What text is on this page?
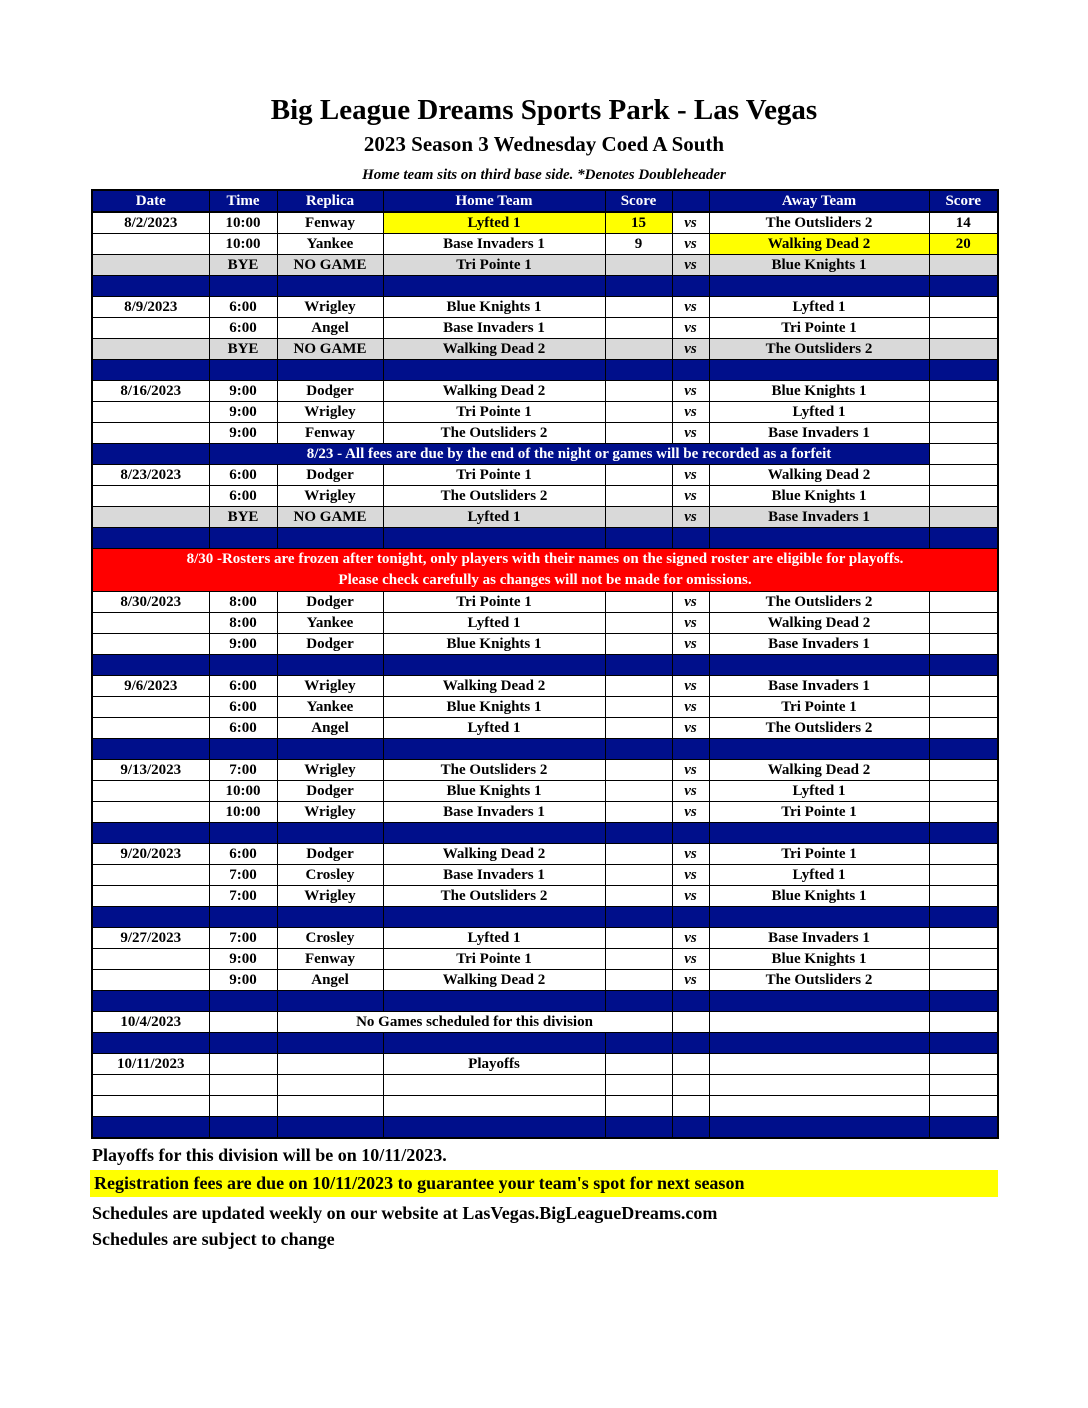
Big League Dreams Sports Park - Las Vegas
2023 Season 3 Wednesday Coed A South
Home team sits on third base side. *Denotes Doubleheader
Date	Time	Replica	Home Team	Score		Away Team	Score
8/2/2023	10:00	Fenway	Lyfted 1	15	vs	The Outsliders 2	14
	10:00	Yankee	Base Invaders 1	9	vs	Walking Dead 2	20
	BYE	NO GAME	Tri Pointe 1		vs	Blue Knights 1	

8/9/2023	6:00	Wrigley	Blue Knights 1		vs	Lyfted 1	
	6:00	Angel	Base Invaders 1		vs	Tri Pointe 1	
	BYE	NO GAME	Walking Dead 2		vs	The Outsliders 2	

8/16/2023	9:00	Dodger	Walking Dead 2		vs	Blue Knights 1	
	9:00	Wrigley	Tri Pointe 1		vs	Lyfted 1	
	9:00	Fenway	The Outsliders 2		vs	Base Invaders 1	
	8/23 - All fees are due by the end of the night or games will be recorded as a forfeit						
8/23/2023	6:00	Dodger	Tri Pointe 1		vs	Walking Dead 2	
	6:00	Wrigley	The Outsliders 2		vs	Blue Knights 1	
	BYE	NO GAME	Lyfted 1		vs	Base Invaders 1	

8/30 -Rosters are frozen after tonight, only players with their names on the signed roster are eligible for playoffs.
Please check carefully as changes will not be made for omissions.							

8/30/2023	8:00	Dodger	Tri Pointe 1		vs	The Outsliders 2	
	8:00	Yankee	Lyfted 1		vs	Walking Dead 2	
	9:00	Dodger	Blue Knights 1		vs	Base Invaders 1	

9/6/2023	6:00	Wrigley	Walking Dead 2		vs	Base Invaders 1	
	6:00	Yankee	Blue Knights 1		vs	Tri Pointe 1	
	6:00	Angel	Lyfted 1		vs	The Outsliders 2	

9/13/2023	7:00	Wrigley	The Outsliders 2		vs	Walking Dead 2	
	10:00	Dodger	Blue Knights 1		vs	Lyfted 1	
	10:00	Wrigley	Base Invaders 1		vs	Tri Pointe 1	

9/20/2023	6:00	Dodger	Walking Dead 2		vs	Tri Pointe 1	
	7:00	Crosley	Base Invaders 1		vs	Lyfted 1	
	7:00	Wrigley	The Outsliders 2		vs	Blue Knights 1	

9/27/2023	7:00	Crosley	Lyfted 1		vs	Base Invaders 1	
	9:00	Fenway	Tri Pointe 1		vs	Blue Knights 1	
	9:00	Angel	Walking Dead 2		vs	The Outsliders 2	

10/4/2023		No Games scheduled for this division					

10/11/2023			Playoffs				

Playoffs for this division will be on 10/11/2023.
Registration fees are due on 10/11/2023 to guarantee your team's spot for next season
Schedules are updated weekly on our website at LasVegas.BigLeagueDreams.com
Schedules are subject to change
